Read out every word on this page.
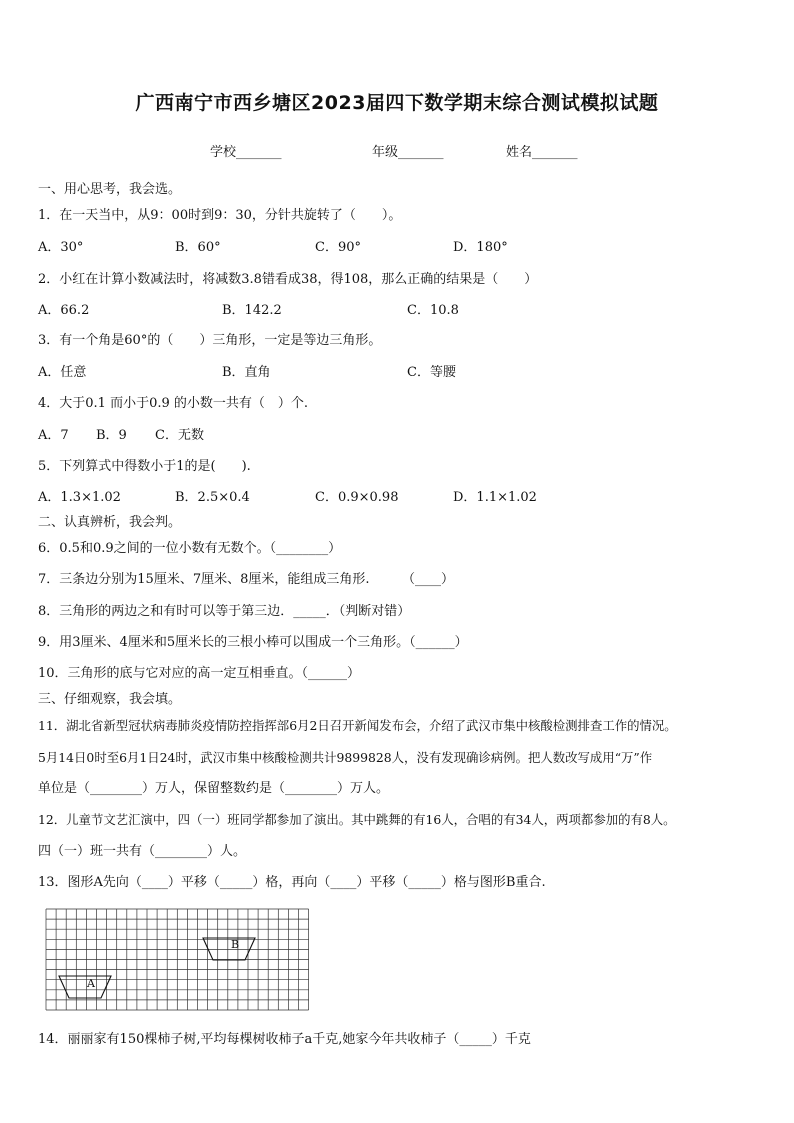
广西南宁市西乡塘区2023届四下数学期末综合测试模拟试题
学校_______	年级_______	姓名_______
一、用心思考，我会选。
1．在一天当中，从9：00时到9：30，分针共旋转了（　　）。
A．30°	B．60°	C．90°	D．180°
2．小红在计算小数减法时，将减数3.8错看成38，得108，那么正确的结果是（　　）
A．66.2	B．142.2	C．10.8
3．有一个角是60°的（　　）三角形，一定是等边三角形。
A．任意	B．直角	C．等腰
4．大于0.1 而小于0.9 的小数一共有（　）个.
A．7 B．9 C．无数
5．下列算式中得数小于1的是(　　).
A．1.3×1.02	B．2.5×0.4	C．0.9×0.98	D．1.1×1.02
二、认真辨析，我会判。
6．0.5和0.9之间的一位小数有无数个。（________）
7．三条边分别为15厘米、7厘米、8厘米，能组成三角形.　　　（____）
8．三角形的两边之和有时可以等于第三边．_____．（判断对错）
9．用3厘米、4厘米和5厘米长的三根小棒可以围成一个三角形。（______）
10．三角形的底与它对应的高一定互相垂直。（______）
三、仔细观察，我会填。
11．湖北省新型冠状病毒肺炎疫情防控指挥部6月2日召开新闻发布会，介绍了武汉市集中核酸检测排查工作的情况。
5月14日0时至6月1日24时，武汉市集中核酸检测共计9899828人，没有发现确诊病例。把人数改写成用“万”作
单位是（________）万人，保留整数约是（________）万人。
12．儿童节文艺汇演中，四（一）班同学都参加了演出。其中跳舞的有16人，合唱的有34人，两项都参加的有8人。
四（一）班一共有（________）人。
13．图形A先向（____）平移（_____）格，再向（____）平移（_____）格与图形B重合.
B
A
14．丽丽家有150棵柿子树,平均每棵树收柿子a千克,她家今年共收柿子（_____）千克
